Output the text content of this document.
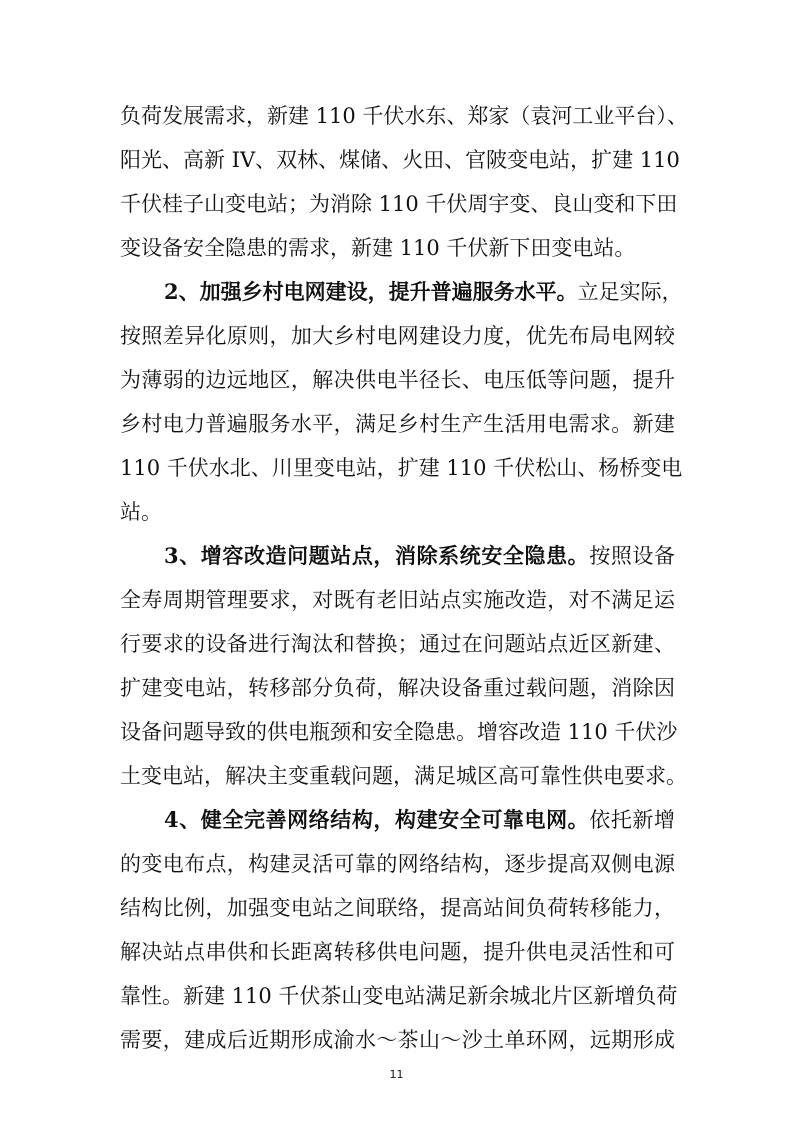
负荷发展需求，新建 110 千伏水东、郑家（袁河工业平台）、
阳光、高新 IV、双林、煤储、火田、官陂变电站，扩建 110
千伏桂子山变电站；为消除 110 千伏周宇变、良山变和下田
变设备安全隐患的需求，新建 110 千伏新下田变电站。
2、加强乡村电网建设，提升普遍服务水平。立足实际，
按照差异化原则，加大乡村电网建设力度，优先布局电网较
为薄弱的边远地区，解决供电半径长、电压低等问题，提升
乡村电力普遍服务水平，满足乡村生产生活用电需求。新建
110 千伏水北、川里变电站，扩建 110 千伏松山、杨桥变电
站。
3、增容改造问题站点，消除系统安全隐患。按照设备
全寿周期管理要求，对既有老旧站点实施改造，对不满足运
行要求的设备进行淘汰和替换；通过在问题站点近区新建、
扩建变电站，转移部分负荷，解决设备重过载问题，消除因
设备问题导致的供电瓶颈和安全隐患。增容改造 110 千伏沙
土变电站，解决主变重载问题，满足城区高可靠性供电要求。
4、健全完善网络结构，构建安全可靠电网。依托新增
的变电布点，构建灵活可靠的网络结构，逐步提高双侧电源
结构比例，加强变电站之间联络，提高站间负荷转移能力，
解决站点串供和长距离转移供电问题，提升供电灵活性和可
靠性。新建 110 千伏茶山变电站满足新余城北片区新增负荷
需要，建成后近期形成渝水～茶山～沙土单环网，远期形成
11
